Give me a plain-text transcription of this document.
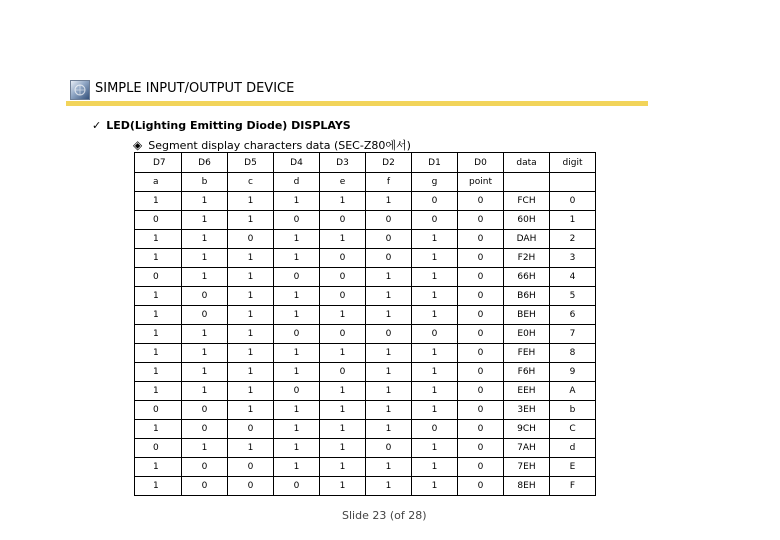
SIMPLE INPUT/OUTPUT DEVICE
✓ LED(Lighting Emitting Diode) DISPLAYS
◈ Segment display characters data (SEC-Z80에서)
D7	D6	D5	D4	D3	D2	D1	D0	data	digit
a	b	c	d	e	f	g	point		
1	1	1	1	1	1	0	0	FCH	0
0	1	1	0	0	0	0	0	60H	1
1	1	0	1	1	0	1	0	DAH	2
1	1	1	1	0	0	1	0	F2H	3
0	1	1	0	0	1	1	0	66H	4
1	0	1	1	0	1	1	0	B6H	5
1	0	1	1	1	1	1	0	BEH	6
1	1	1	0	0	0	0	0	E0H	7
1	1	1	1	1	1	1	0	FEH	8
1	1	1	1	0	1	1	0	F6H	9
1	1	1	0	1	1	1	0	EEH	A
0	0	1	1	1	1	1	0	3EH	b
1	0	0	1	1	1	0	0	9CH	C
0	1	1	1	1	0	1	0	7AH	d
1	0	0	1	1	1	1	0	7EH	E
1	0	0	0	1	1	1	0	8EH	F
Slide 23 (of 28)
